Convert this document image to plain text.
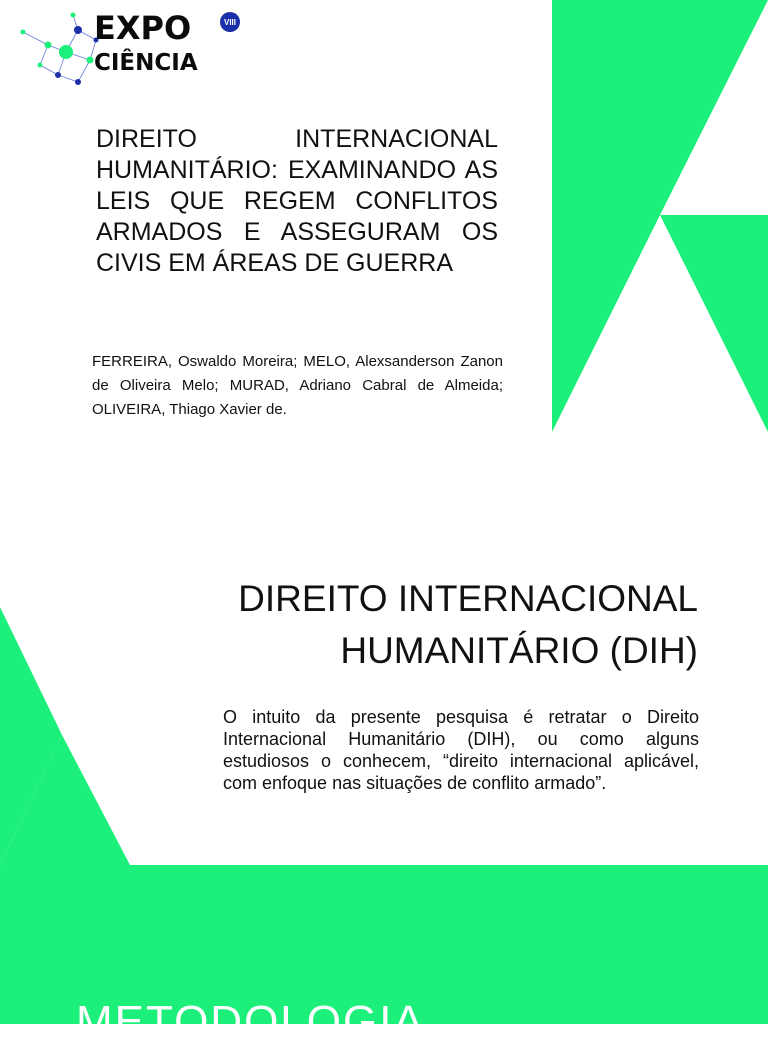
EXPO
CIÊNCIA
VIII
DIREITO INTERNACIONAL HUMANITÁRIO: EXAMINANDO AS LEIS QUE REGEM CONFLITOS ARMADOS E ASSEGURAM OS CIVIS EM ÁREAS DE GUERRA
FERREIRA, Oswaldo Moreira; MELO, Alexsanderson Zanon de Oliveira Melo; MURAD, Adriano Cabral de Almeida; OLIVEIRA, Thiago Xavier de.
DIREITO INTERNACIONAL
HUMANITÁRIO (DIH)
O intuito da presente pesquisa é retratar o Direito Internacional Humanitário (DIH), ou como alguns estudiosos o conhecem, “direito internacional aplicável, com enfoque nas situações de conflito armado”.
METODOLOGIA
